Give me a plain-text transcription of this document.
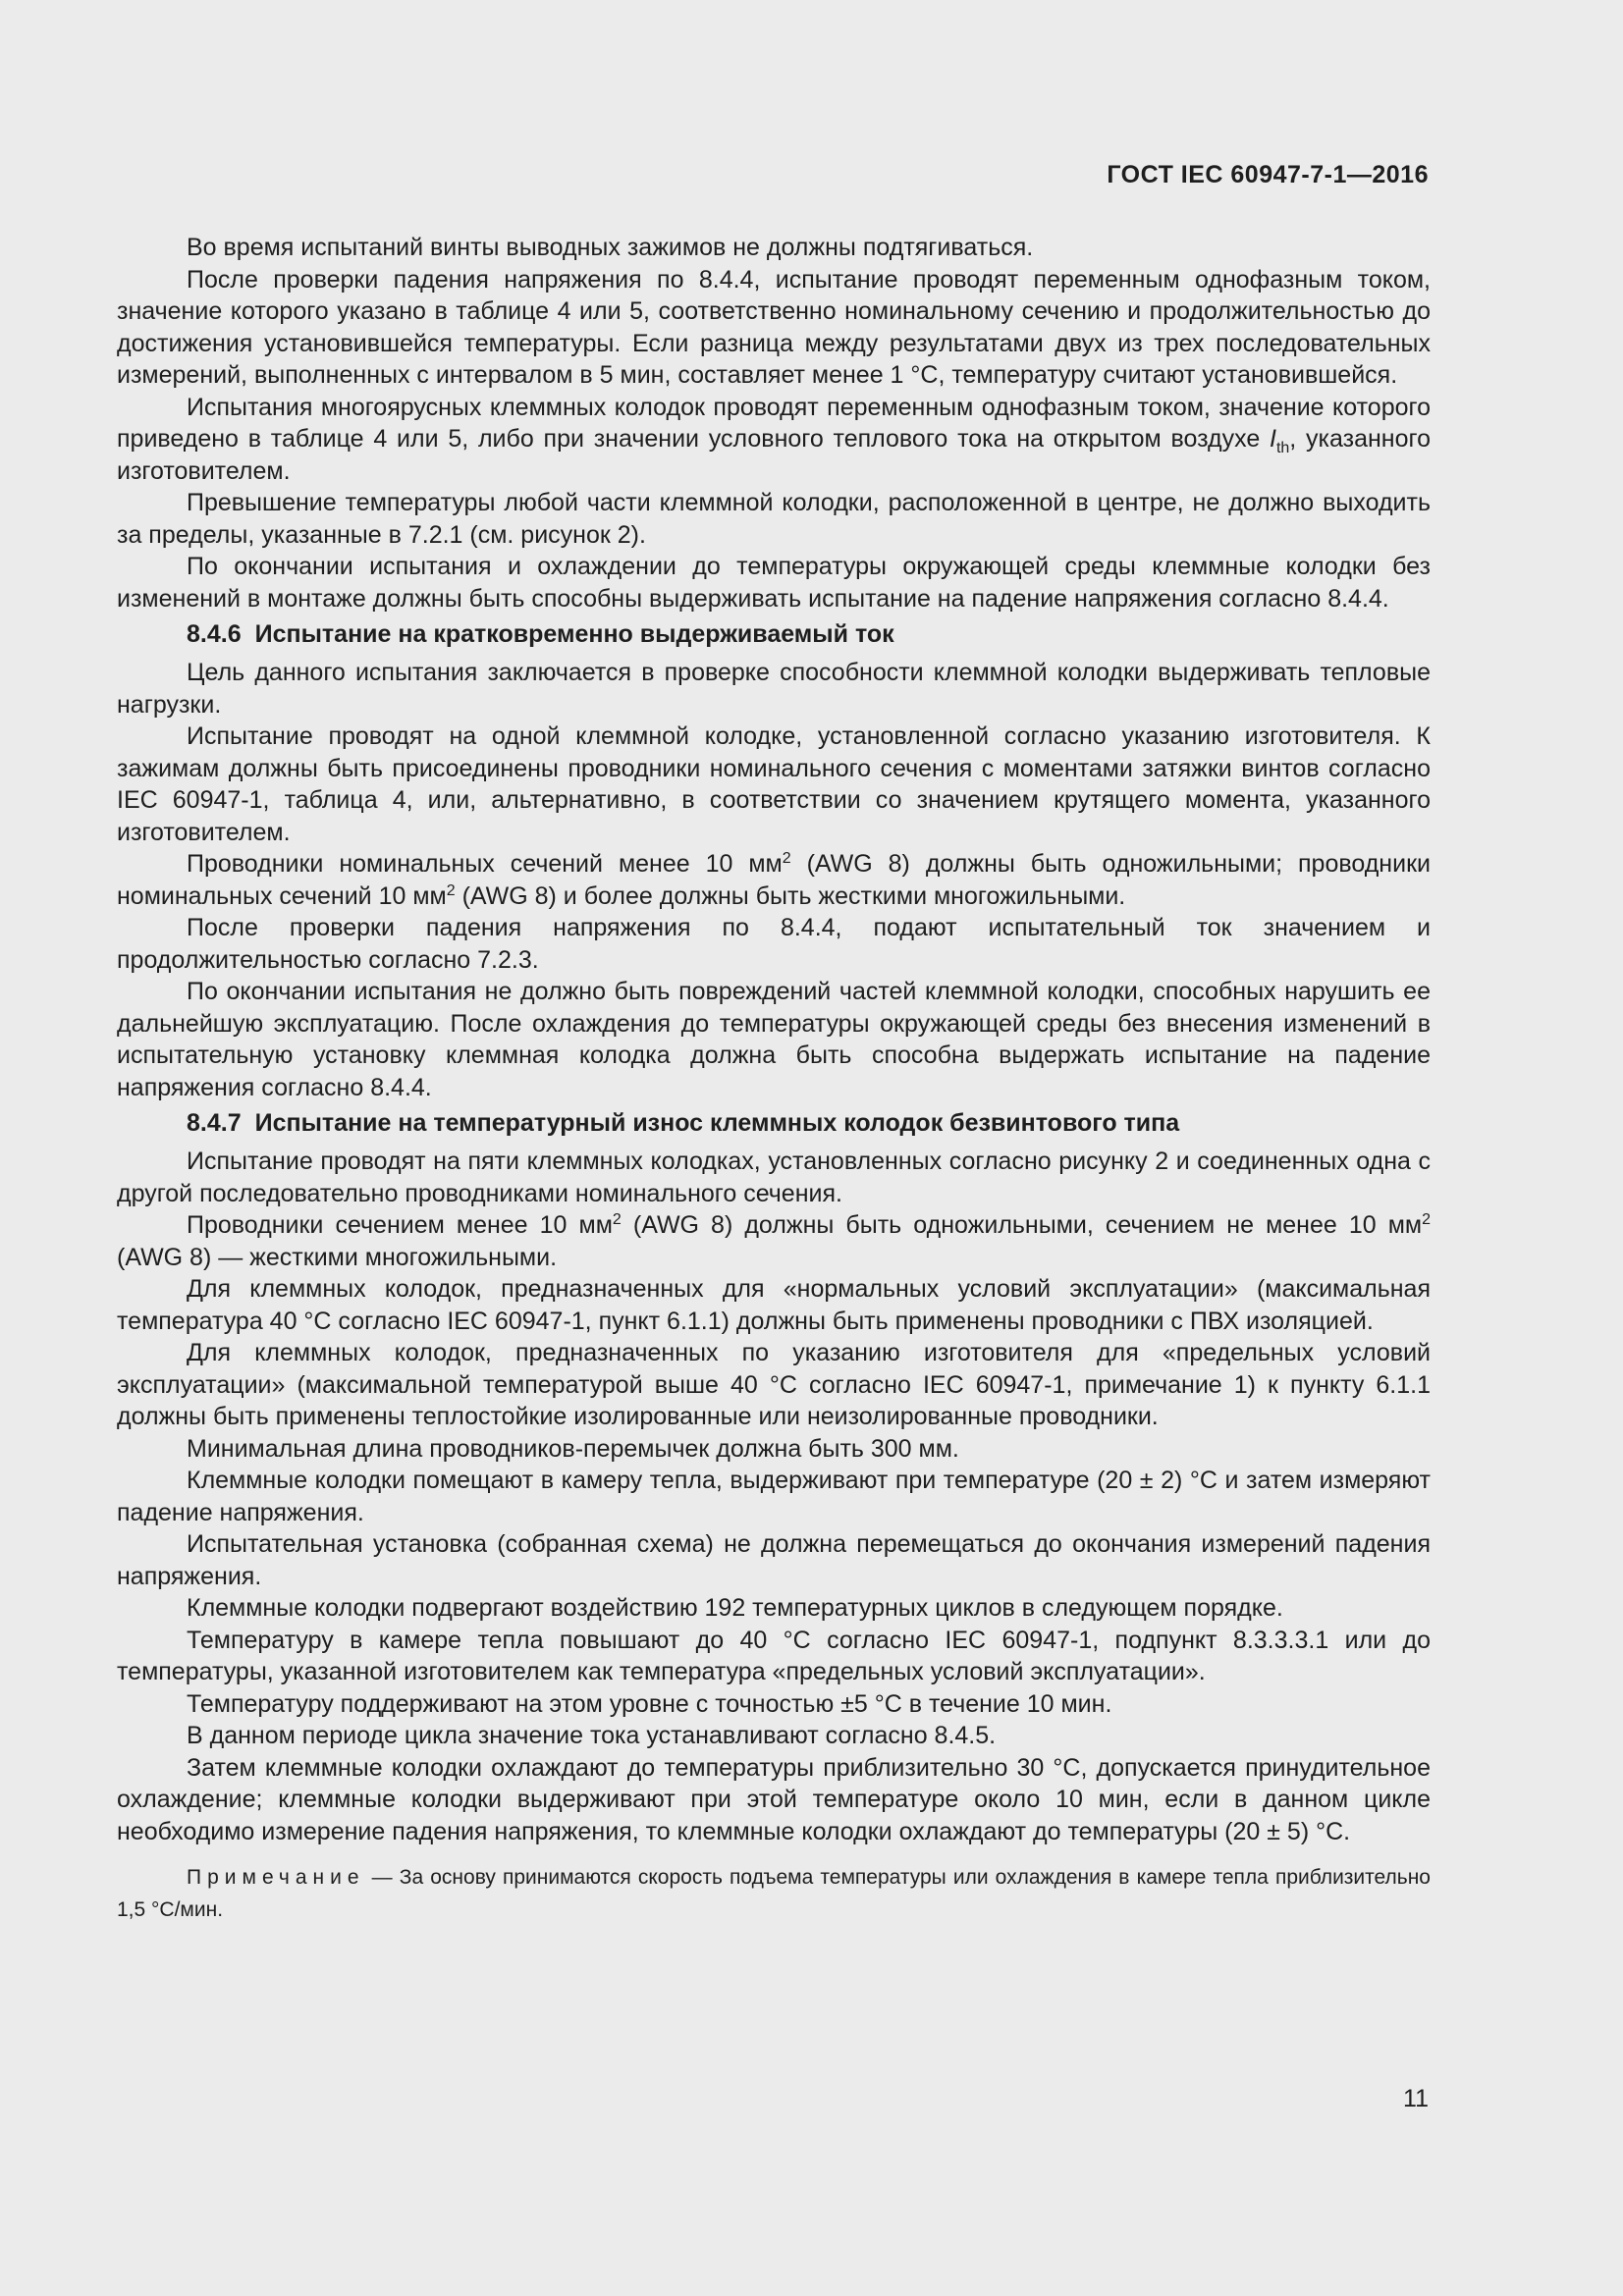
ГОСТ IEC 60947-7-1—2016

Во время испытаний винты выводных зажимов не должны подтягиваться.

После проверки падения напряжения по 8.4.4, испытание проводят переменным однофазным током, значение которого указано в таблице 4 или 5, соответственно номинальному сечению и продолжительностью до достижения установившейся температуры. Если разница между результатами двух из трех последовательных измерений, выполненных с интервалом в 5 мин, составляет менее 1 °С, температуру считают установившейся.

Испытания многоярусных клеммных колодок проводят переменным однофазным током, значение которого приведено в таблице 4 или 5, либо при значении условного теплового тока на открытом воздухе $I_{th}$, указанного изготовителем.

Превышение температуры любой части клеммной колодки, расположенной в центре, не должно выходить за пределы, указанные в 7.2.1 (см. рисунок 2).

По окончании испытания и охлаждении до температуры окружающей среды клеммные колодки без изменений в монтаже должны быть способны выдерживать испытание на падение напряжения согласно 8.4.4.

8.4.6 Испытание на кратковременно выдерживаемый ток

Цель данного испытания заключается в проверке способности клеммной колодки выдерживать тепловые нагрузки.

Испытание проводят на одной клеммной колодке, установленной согласно указанию изготовителя. К зажимам должны быть присоединены проводники номинального сечения с моментами затяжки винтов согласно IEC 60947-1, таблица 4, или, альтернативно, в соответствии со значением крутящего момента, указанного изготовителем.

Проводники номинальных сечений менее 10 $мм^2$ (AWG 8) должны быть одножильными; проводники номинальных сечений 10 $мм^2$ (AWG 8) и более должны быть жесткими многожильными.

После проверки падения напряжения по 8.4.4, подают испытательный ток значением и продолжительностью согласно 7.2.3.

По окончании испытания не должно быть повреждений частей клеммной колодки, способных нарушить ее дальнейшую эксплуатацию. После охлаждения до температуры окружающей среды без внесения изменений в испытательную установку клеммная колодка должна быть способна выдержать испытание на падение напряжения согласно 8.4.4.

8.4.7 Испытание на температурный износ клеммных колодок безвинтового типа

Испытание проводят на пяти клеммных колодках, установленных согласно рисунку 2 и соединенных одна с другой последовательно проводниками номинального сечения.

Проводники сечением менее 10 $мм^2$ (AWG 8) должны быть одножильными, сечением не менее 10 $мм^2$ (AWG 8) — жесткими многожильными.

Для клеммных колодок, предназначенных для «нормальных условий эксплуатации» (максимальная температура 40 °С согласно IEC 60947-1, пункт 6.1.1) должны быть применены проводники с ПВХ изоляцией.

Для клеммных колодок, предназначенных по указанию изготовителя для «предельных условий эксплуатации» (максимальной температурой выше 40 °С согласно IEC 60947-1, примечание 1) к пункту 6.1.1 должны быть применены теплостойкие изолированные или неизолированные проводники.

Минимальная длина проводников-перемычек должна быть 300 мм.

Клеммные колодки помещают в камеру тепла, выдерживают при температуре (20 ± 2) °С и затем измеряют падение напряжения.

Испытательная установка (собранная схема) не должна перемещаться до окончания измерений падения напряжения.

Клеммные колодки подвергают воздействию 192 температурных циклов в следующем порядке.

Температуру в камере тепла повышают до 40 °С согласно IEC 60947-1, подпункт 8.3.3.3.1 или до температуры, указанной изготовителем как температура «предельных условий эксплуатации».

Температуру поддерживают на этом уровне с точностью ±5 °С в течение 10 мин.

В данном периоде цикла значение тока устанавливают согласно 8.4.5.

Затем клеммные колодки охлаждают до температуры приблизительно 30 °С, допускается принудительное охлаждение; клеммные колодки выдерживают при этой температуре около 10 мин, если в данном цикле необходимо измерение падения напряжения, то клеммные колодки охлаждают до температуры (20 ± 5) °С.

Примечание — За основу принимаются скорость подъема температуры или охлаждения в камере тепла приблизительно 1,5 °С/мин.

11
